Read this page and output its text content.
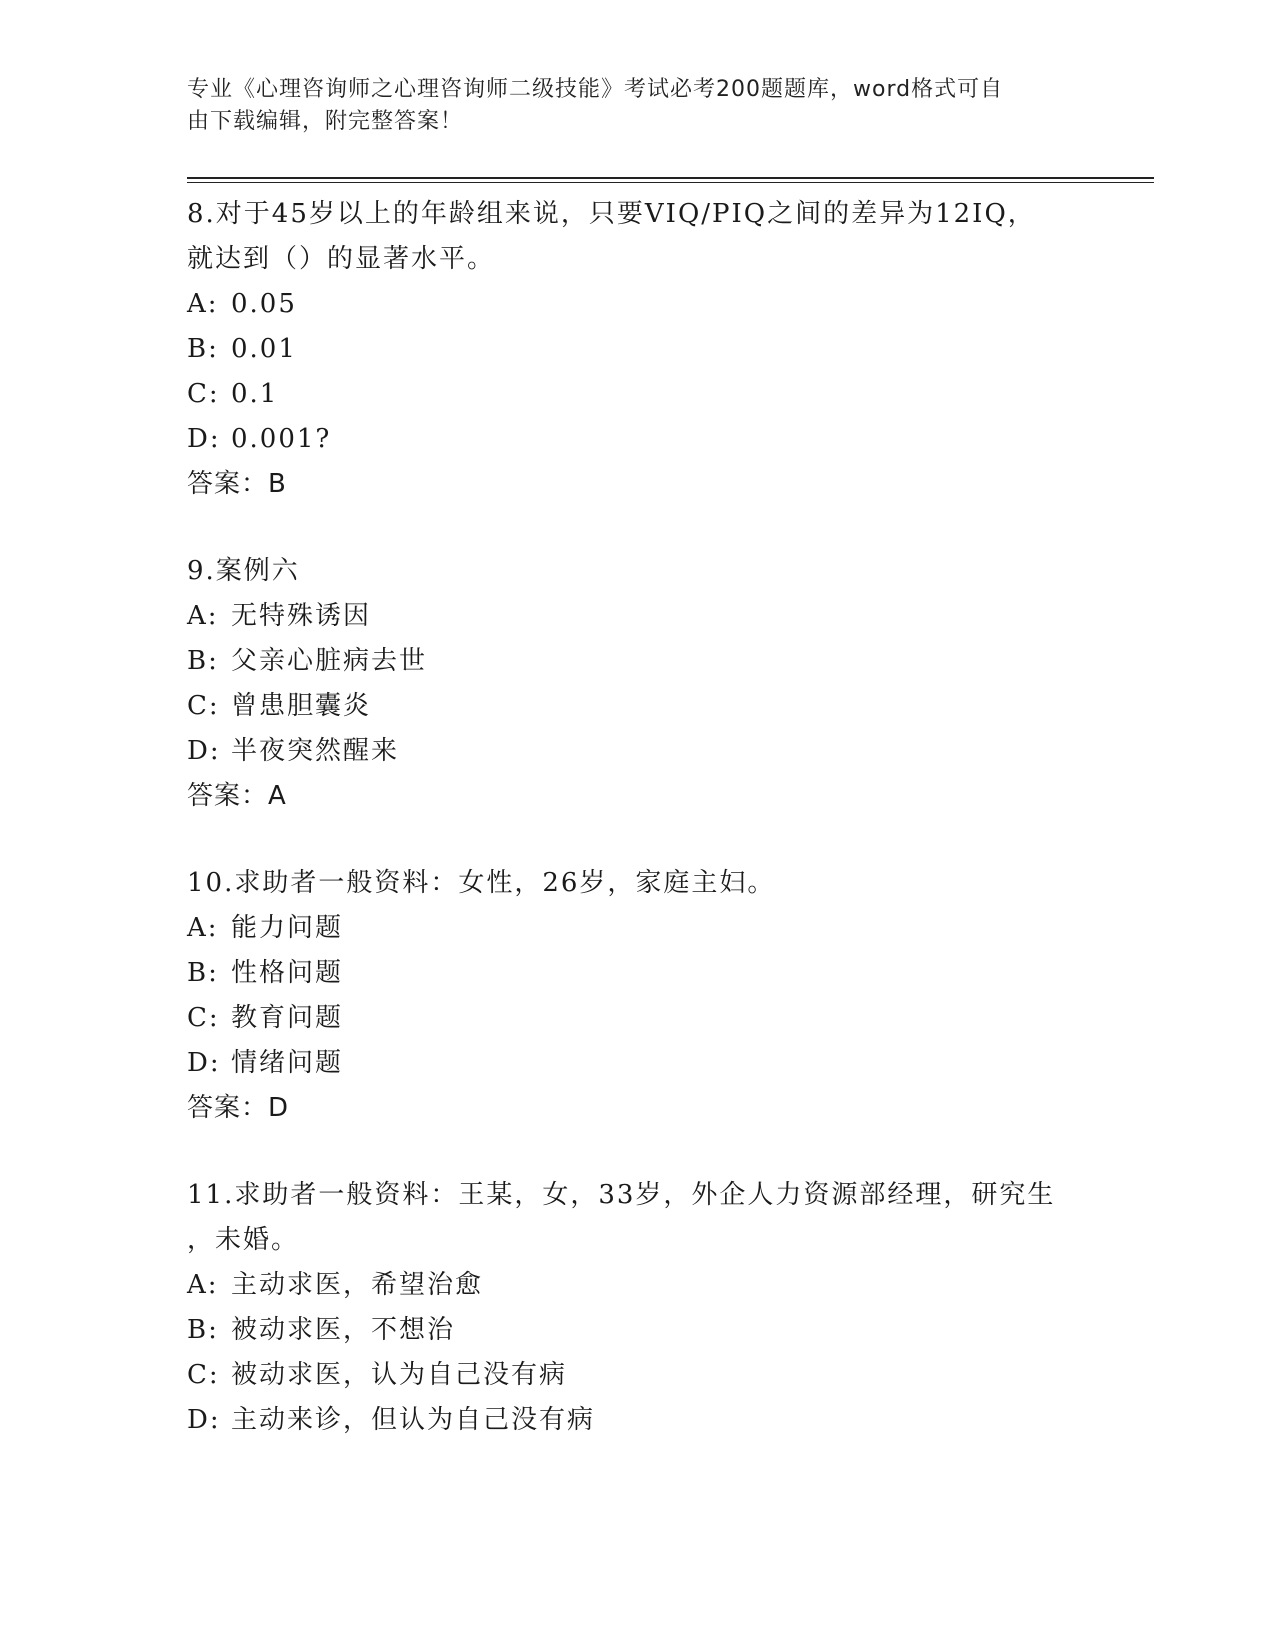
专业《心理咨询师之心理咨询师二级技能》考试必考200题题库，word格式可自

由下载编辑，附完整答案！

8.对于45岁以上的年龄组来说，只要VIQ/PIQ之间的差异为12IQ，

就达到（）的显著水平。

A: 0.05

B: 0.01

C: 0.1

D: 0.001?

答案：B

9.案例六

A: 无特殊诱因

B: 父亲心脏病去世

C: 曾患胆囊炎

D: 半夜突然醒来

答案：A

10.求助者一般资料：女性，26岁，家庭主妇。

A: 能力问题

B: 性格问题

C: 教育问题

D: 情绪问题

答案：D

11.求助者一般资料：王某，女，33岁，外企人力资源部经理，研究生

，未婚。

A: 主动求医，希望治愈

B: 被动求医，不想治

C: 被动求医，认为自己没有病

D: 主动来诊，但认为自己没有病
